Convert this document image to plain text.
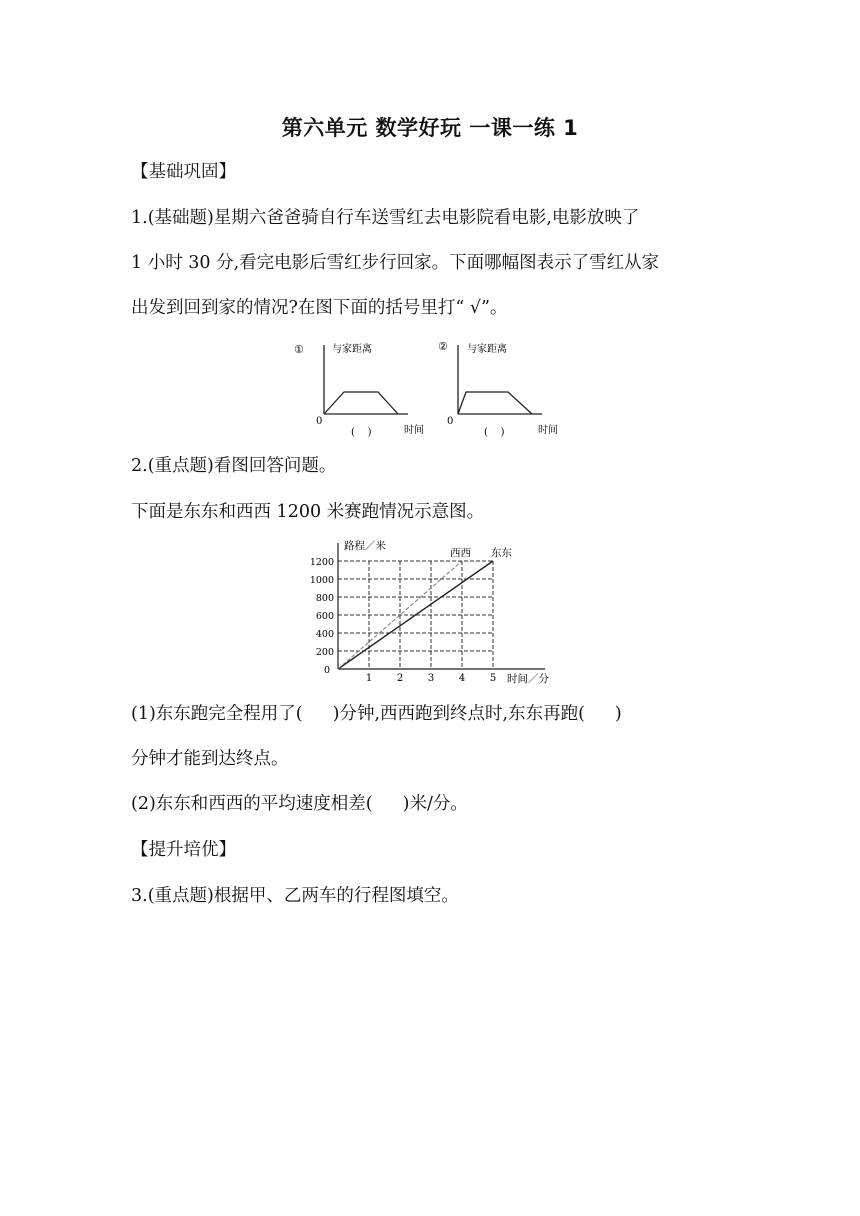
第六单元 数学好玩 一课一练 1
【基础巩固】
1.(基础题)星期六爸爸骑自行车送雪红去电影院看电影,电影放映了
1 小时 30 分,看完电影后雪红步行回家。下面哪幅图表示了雪红从家
出发到回到家的情况?在图下面的括号里打“ √”。
①	与家距离
0
(    )	时间
② 与家距离
0
(    )	时间
2.(重点题)看图回答问题。
下面是东东和西西 1200 米赛跑情况示意图。
1 2 3 4 5
0
200
400
600
800
1000
1200
东东
西西
路程／米
时间／分
(1)东东跑完全程用了( )分钟,西西跑到终点时,东东再跑( )
分钟才能到达终点。
(2)东东和西西的平均速度相差( )米/分。
【提升培优】
3.(重点题)根据甲、乙两车的行程图填空。
